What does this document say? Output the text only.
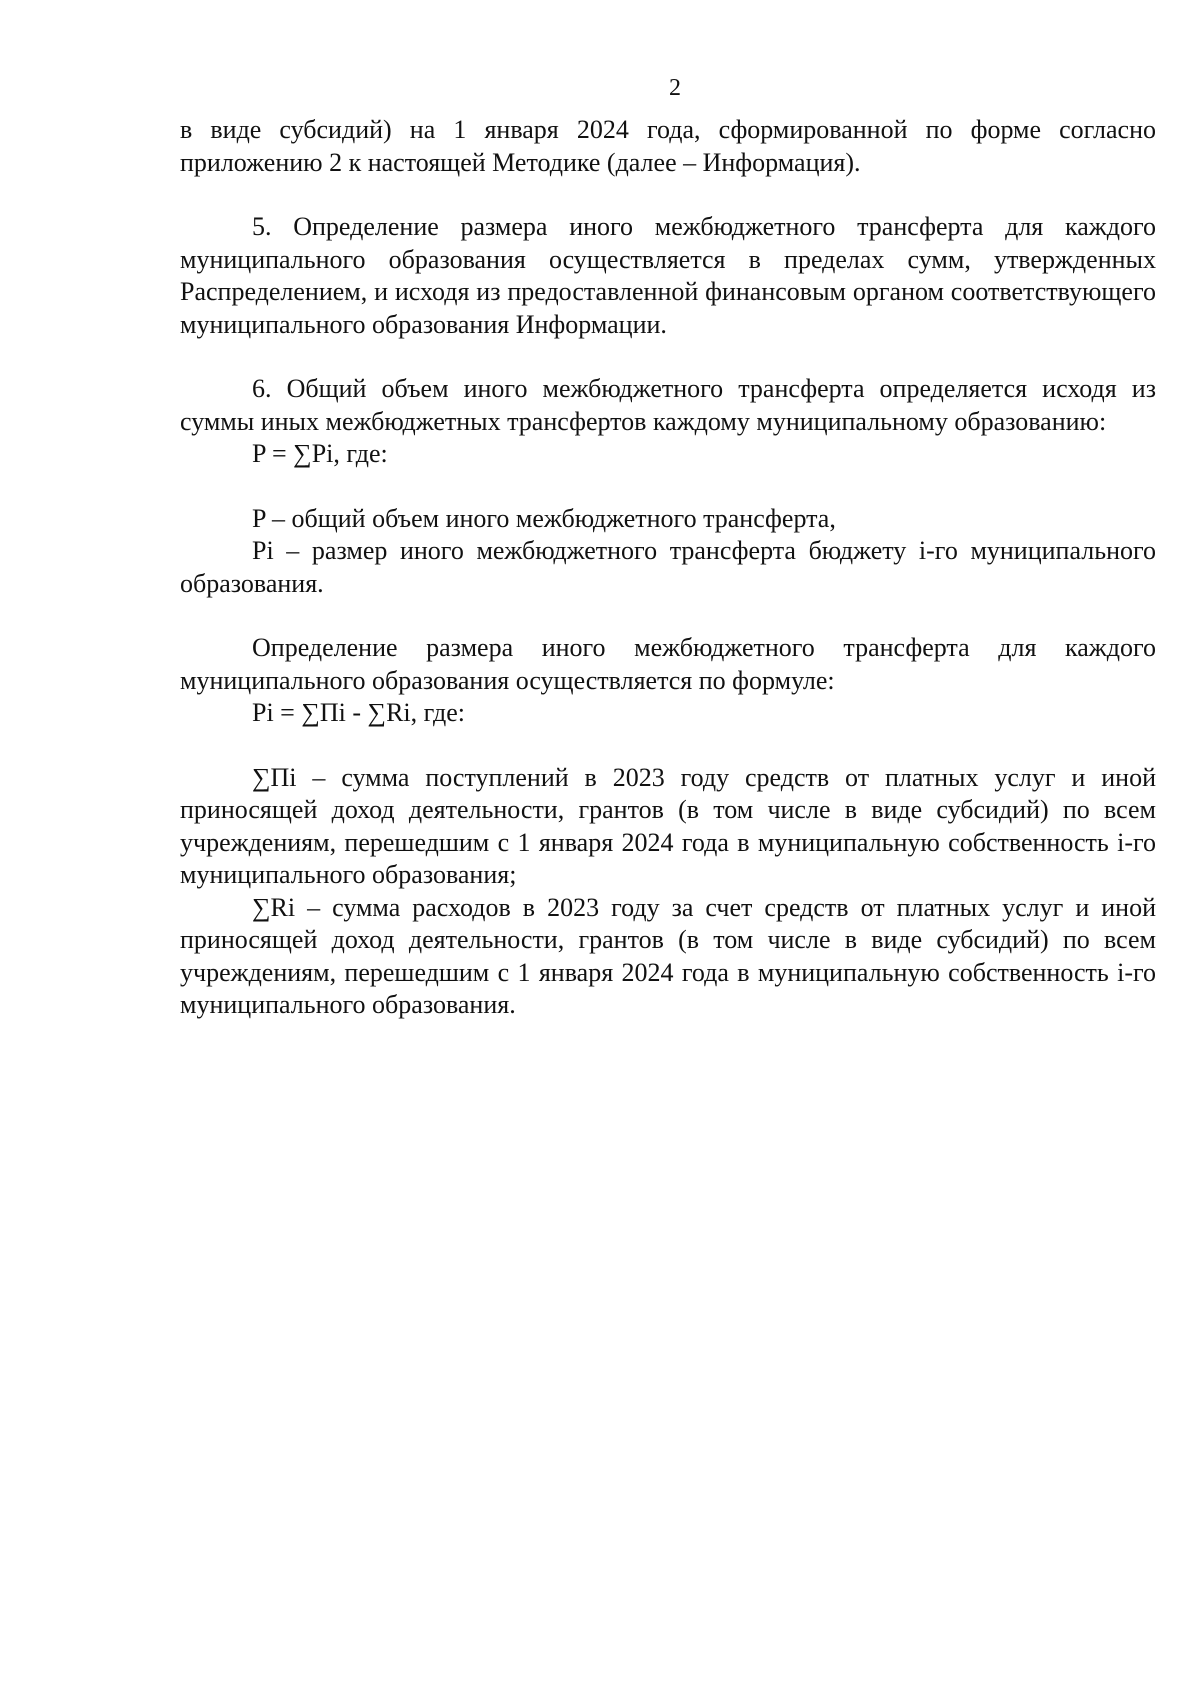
2

в виде субсидий) на 1 января 2024 года, сформированной по форме согласно приложению 2 к настоящей Методике (далее – Информация).

5. Определение размера иного межбюджетного трансферта для каждого муниципального образования осуществляется в пределах сумм, утвержденных Распределением, и исходя из предоставленной финансовым органом соответствующего муниципального образования Информации.

6. Общий объем иного межбюджетного трансферта определяется исходя из суммы иных межбюджетных трансфертов каждому муниципальному образованию:

P = ∑Pi, где:

P – общий объем иного межбюджетного трансферта,

Pi – размер иного межбюджетного трансферта бюджету i-го муниципального образования.

Определение размера иного межбюджетного трансферта для каждого муниципального образования осуществляется по формуле:

Pi = ∑Пi - ∑Ri, где:

∑Пi – сумма поступлений в 2023 году средств от платных услуг и иной приносящей доход деятельности, грантов (в том числе в виде субсидий) по всем учреждениям, перешедшим с 1 января 2024 года в муниципальную собственность i-го муниципального образования;

∑Ri – сумма расходов в 2023 году за счет средств от платных услуг и иной приносящей доход деятельности, грантов (в том числе в виде субсидий) по всем учреждениям, перешедшим с 1 января 2024 года в муниципальную собственность i-го муниципального образования.
